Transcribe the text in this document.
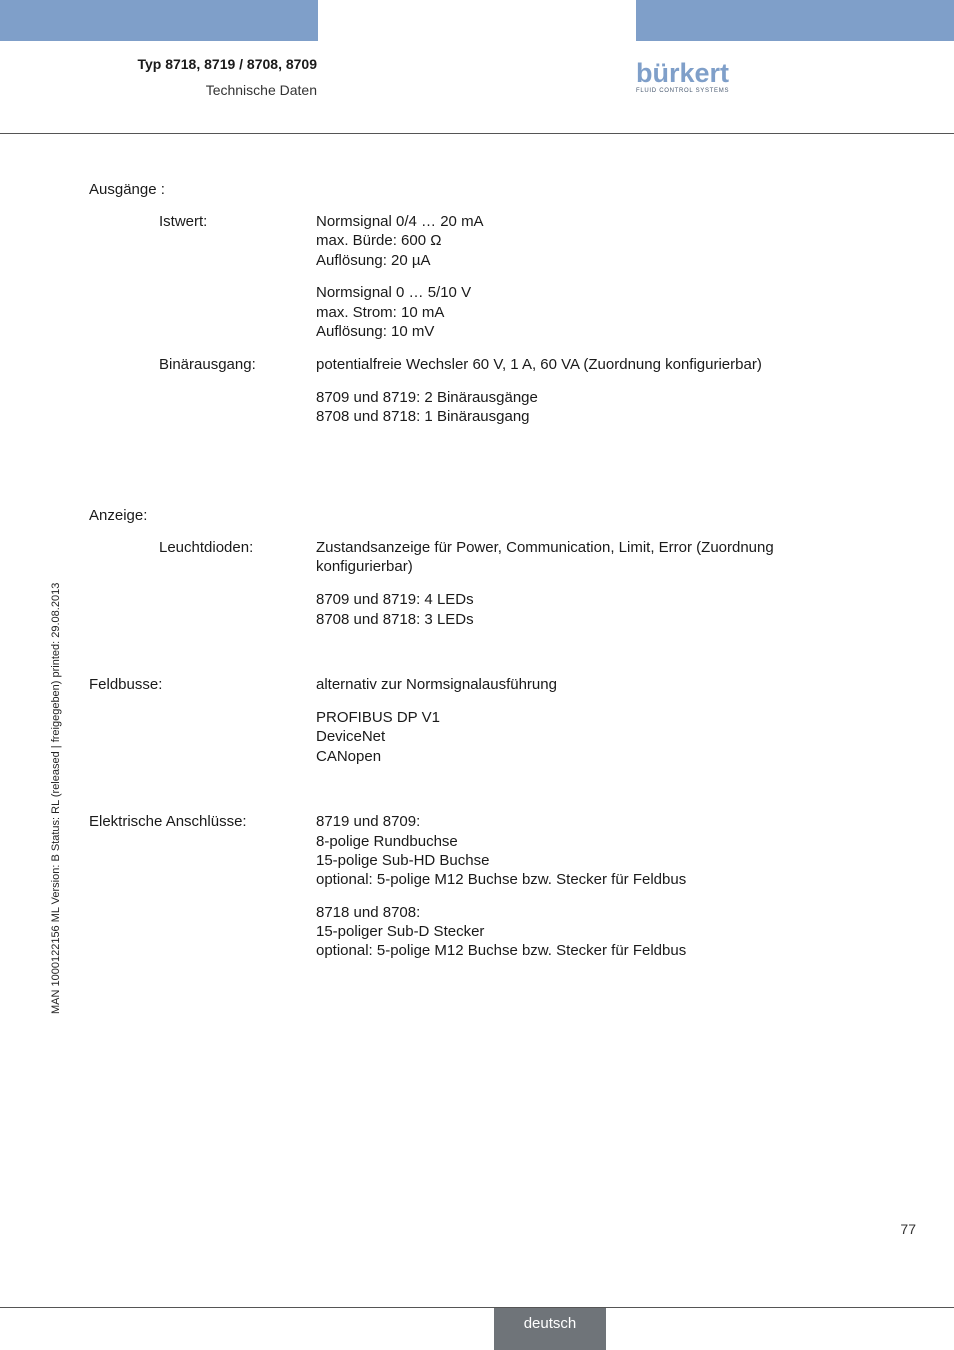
Typ 8718, 8719 / 8708, 8709
Technische Daten
bürkert
FLUID CONTROL SYSTEMS
MAN 1000122156 ML Version: B Status: RL (released | freigegeben) printed: 29.08.2013
Ausgänge :
Istwert:	Normsignal 0/4 … 20 mA
max. Bürde: 600 Ω
Auflösung: 20 µA
Normsignal 0 … 5/10 V
max. Strom: 10 mA
Auflösung: 10 mV
Binärausgang:	potentialfreie Wechsler 60 V, 1 A, 60 VA (Zuordnung konfigurierbar)
8709 und 8719: 2 Binärausgänge
8708 und 8718: 1 Binärausgang
Anzeige:
Leuchtdioden:	Zustandsanzeige für Power, Communication, Limit, Error (Zuordnung
konfigurierbar)
8709 und 8719: 4 LEDs
8708 und 8718: 3 LEDs
Feldbusse:	alternativ zur Normsignalausführung
PROFIBUS DP V1
DeviceNet
CANopen
Elektrische Anschlüsse:	8719 und 8709:
8-polige Rundbuchse
15-polige Sub-HD Buchse
optional: 5-polige M12 Buchse bzw. Stecker für Feldbus
8718 und 8708:
15-poliger Sub-D Stecker
optional: 5-polige M12 Buchse bzw. Stecker für Feldbus
77
deutsch
